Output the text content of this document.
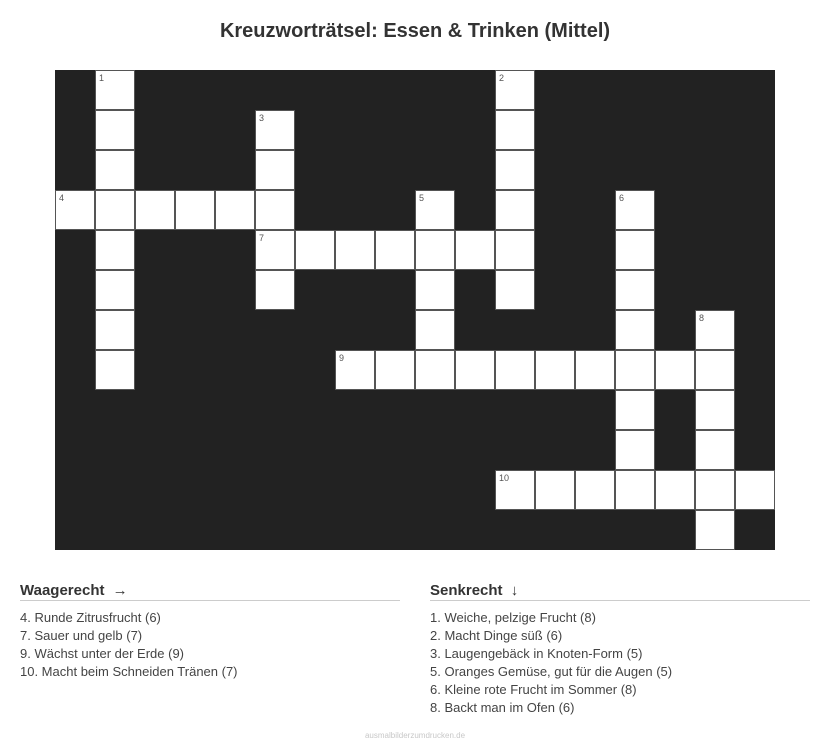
Kreuzworträtsel: Essen & Trinken (Mittel)
1	2
3
7
4	5	6
8
9
10
Waagerecht →
4. Runde Zitrusfrucht (6)
7. Sauer und gelb (7)
9. Wächst unter der Erde (9)
10. Macht beim Schneiden Tränen (7)
Senkrecht ↓
1. Weiche, pelzige Frucht (8)
2. Macht Dinge süß (6)
3. Laugengebäck in Knoten-Form (5)
5. Oranges Gemüse, gut für die Augen (5)
6. Kleine rote Frucht im Sommer (8)
8. Backt man im Ofen (6)
ausmalbilderzumdrucken.de
